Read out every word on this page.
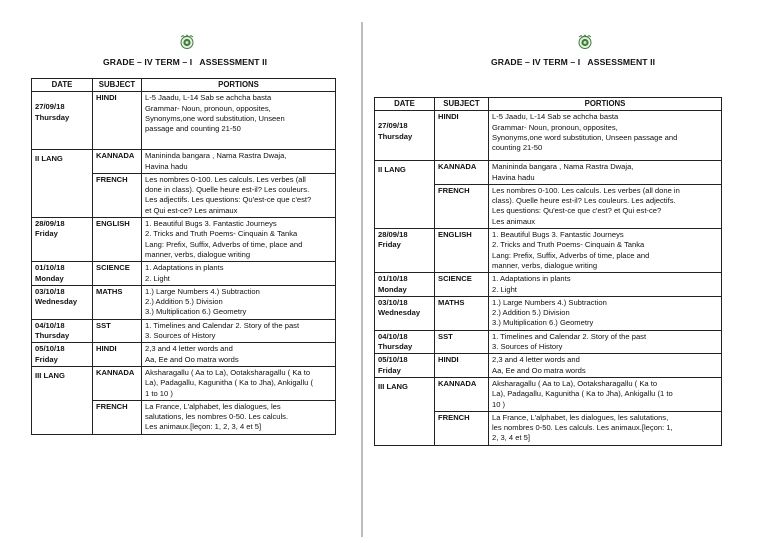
GRADE – IV TERM – I   ASSESSMENT II
DATE	SUBJECT	PORTIONS

27/09/18
Thursday	HINDI	L-5 Jaadu, L-14 Sab se achcha basta
Grammar- Noun, pronoun, opposites,
Synonyms,one word substitution, Unseen
passage and counting 21-50

II LANG	KANNADA	Manininda bangara , Nama Rastra Dwaja,
Havina hadu

	FRENCH	Les nombres 0-100. Les calculs. Les verbes (all
done in class). Quelle heure est-il? Les couleurs.
Les adjectifs. Les questions: Qu'est-ce que c'est?
et Qui est-ce? Les animaux

28/09/18
Friday	ENGLISH	1. Beautiful Bugs 3. Fantastic Journeys
2. Tricks and Truth Poems- Cinquain & Tanka
Lang: Prefix, Suffix, Adverbs of time, place and
manner, verbs, dialogue writing

01/10/18
Monday	SCIENCE	1. Adaptations in plants
2. Light

03/10/18
Wednesday	MATHS	1.) Large Numbers 4.) Subtraction
2.) Addition 5.) Division
3.) Multiplication 6.) Geometry

04/10/18
Thursday	SST	1. Timelines and Calendar 2. Story of the past
3. Sources of History

05/10/18
Friday	HINDI	2,3 and 4 letter words and
Aa, Ee and Oo matra words

III LANG	KANNADA	Aksharagallu ( Aa to La), Ootaksharagallu ( Ka to
La), Padagallu, Kagunitha ( Ka to Jha), Ankigallu (
1 to 10 )

	FRENCH	La France, L'alphabet, les dialogues, les
salutations, les nombres 0-50. Les calculs.
Les animaux.[leçon: 1, 2, 3, 4 et 5]
GRADE – IV TERM – I   ASSESSMENT II
DATE	SUBJECT	PORTIONS

27/09/18
Thursday	HINDI	L-5 Jaadu, L-14 Sab se achcha basta
Grammar- Noun, pronoun, opposites,
Synonyms,one word substitution, Unseen passage and
counting 21-50

II LANG	KANNADA	Manininda bangara , Nama Rastra Dwaja,
Havina hadu

	FRENCH	Les nombres 0-100. Les calculs. Les verbes (all done in
class). Quelle heure est-il? Les couleurs. Les adjectifs.
Les questions: Qu'est-ce que c'est? et Qui est-ce?
Les animaux

28/09/18
Friday	ENGLISH	1. Beautiful Bugs 3. Fantastic Journeys
2. Tricks and Truth Poems- Cinquain & Tanka
Lang: Prefix, Suffix, Adverbs of time, place and
manner, verbs, dialogue writing

01/10/18
Monday	SCIENCE	1. Adaptations in plants
2. Light

03/10/18
Wednesday	MATHS	1.) Large Numbers 4.) Subtraction
2.) Addition 5.) Division
3.) Multiplication 6.) Geometry

04/10/18
Thursday	SST	1. Timelines and Calendar 2. Story of the past
3. Sources of History

05/10/18
Friday	HINDI	2,3 and 4 letter words and
Aa, Ee and Oo matra words

III LANG	KANNADA	Aksharagallu ( Aa to La), Ootaksharagallu ( Ka to
La), Padagallu, Kagunitha ( Ka to Jha), Ankigallu (1 to
10 )

	FRENCH	La France, L'alphabet, les dialogues, les salutations,
les nombres 0-50. Les calculs. Les animaux.[leçon: 1,
2, 3, 4 et 5]
